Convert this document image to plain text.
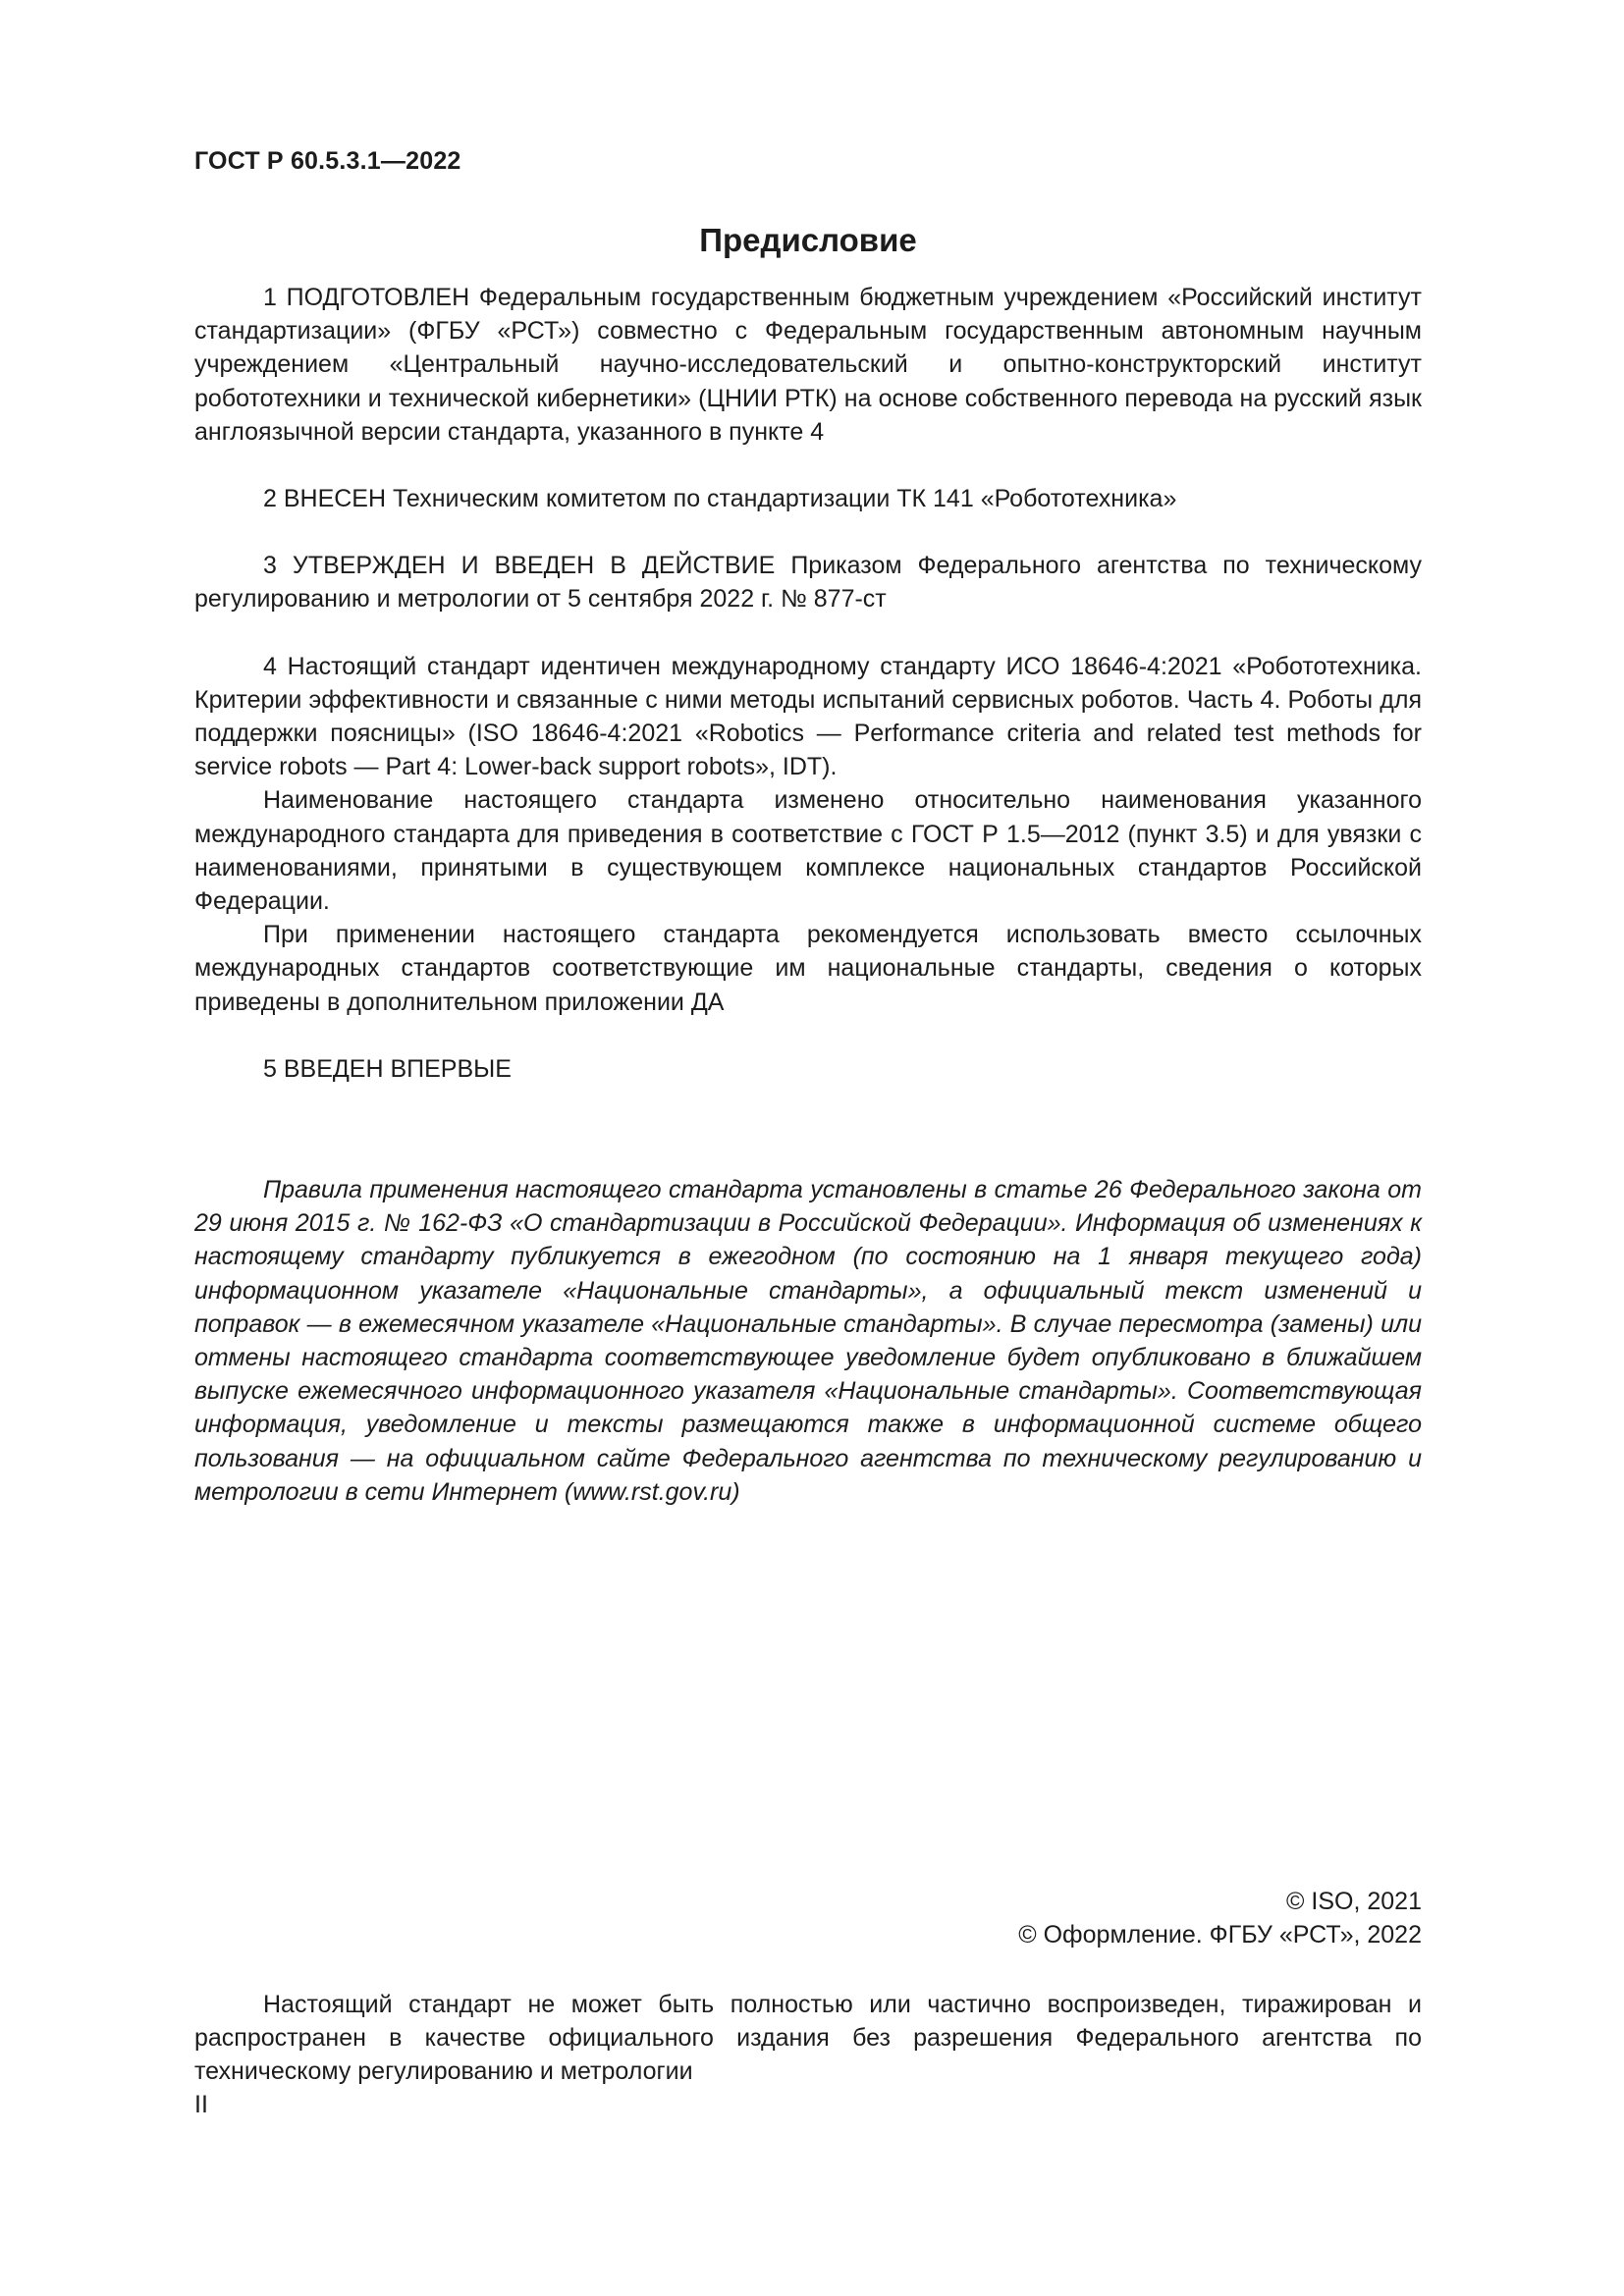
ГОСТ Р 60.5.3.1—2022
Предисловие

1 ПОДГОТОВЛЕН Федеральным государственным бюджетным учреждением «Российский институт стандартизации» (ФГБУ «РСТ») совместно с Федеральным государственным автономным научным учреждением «Центральный научно-исследовательский и опытно-конструкторский институт робототехники и технической кибернетики» (ЦНИИ РТК) на основе собственного перевода на русский язык англоязычной версии стандарта, указанного в пункте 4

2 ВНЕСЕН Техническим комитетом по стандартизации ТК 141 «Робототехника»

3 УТВЕРЖДЕН И ВВЕДЕН В ДЕЙСТВИЕ Приказом Федерального агентства по техническому регулированию и метрологии от 5 сентября 2022 г. № 877-ст

4 Настоящий стандарт идентичен международному стандарту ИСО 18646-4:2021 «Робототехника. Критерии эффективности и связанные с ними методы испытаний сервисных роботов. Часть 4. Роботы для поддержки поясницы» (ISO 18646-4:2021 «Robotics — Performance criteria and related test methods for service robots — Part 4: Lower-back support robots», IDT).

Наименование настоящего стандарта изменено относительно наименования указанного международного стандарта для приведения в соответствие с ГОСТ Р 1.5—2012 (пункт 3.5) и для увязки с наименованиями, принятыми в существующем комплексе национальных стандартов Российской Федерации.

При применении настоящего стандарта рекомендуется использовать вместо ссылочных международных стандартов соответствующие им национальные стандарты, сведения о которых приведены в дополнительном приложении ДА

5 ВВЕДЕН ВПЕРВЫЕ

Правила применения настоящего стандарта установлены в статье 26 Федерального закона от 29 июня 2015 г. № 162-ФЗ «О стандартизации в Российской Федерации». Информация об изменениях к настоящему стандарту публикуется в ежегодном (по состоянию на 1 января текущего года) информационном указателе «Национальные стандарты», а официальный текст изменений и поправок — в ежемесячном указателе «Национальные стандарты». В случае пересмотра (замены) или отмены настоящего стандарта соответствующее уведомление будет опубликовано в ближайшем выпуске ежемесячного информационного указателя «Национальные стандарты». Соответствующая информация, уведомление и тексты размещаются также в информационной системе общего пользования — на официальном сайте Федерального агентства по техническому регулированию и метрологии в сети Интернет (www.rst.gov.ru)

© ISO, 2021
© Оформление. ФГБУ «РСТ», 2022

Настоящий стандарт не может быть полностью или частично воспроизведен, тиражирован и распространен в качестве официального издания без разрешения Федерального агентства по техническому регулированию и метрологии

II
